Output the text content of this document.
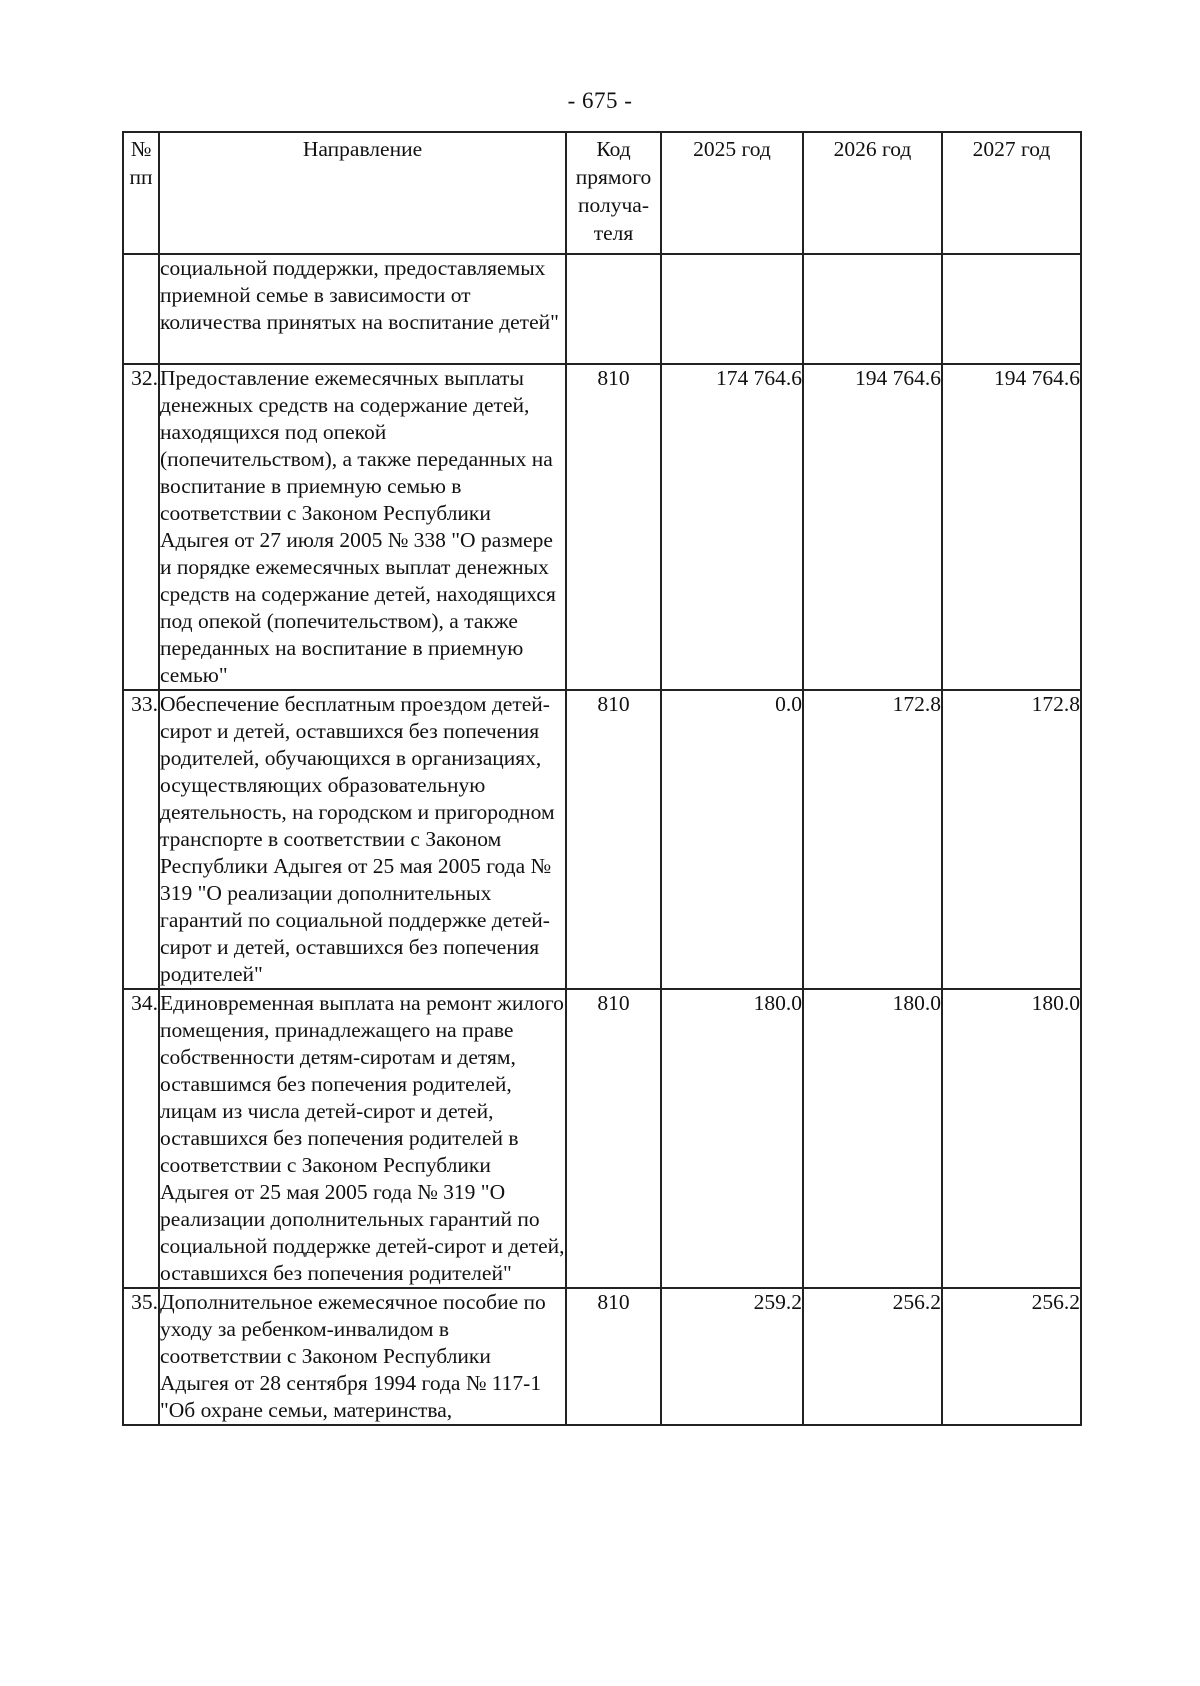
- 675 -
№ пп	Направление	Код прямого получа-теля	2025 год	2026 год	2027 год
	социальной поддержки, предоставляемых приемной семье в зависимости от количества принятых на воспитание детей"				
32.	Предоставление ежемесячных выплаты денежных средств на содержание детей, находящихся под опекой (попечительством), а также переданных на воспитание в приемную семью в соответствии с Законом Республики Адыгея от 27 июля 2005 № 338 "О размере и порядке ежемесячных выплат денежных средств на содержание детей, находящихся под опекой (попечительством), а также переданных на воспитание в приемную семью"	810	174 764.6	194 764.6	194 764.6
33.	Обеспечение бесплатным проездом детей-сирот и детей, оставшихся без попечения родителей, обучающихся в организациях, осуществляющих образовательную деятельность, на городском и пригородном транспорте в соответствии с Законом Республики Адыгея от 25 мая 2005 года № 319 "О реализации дополнительных гарантий по социальной поддержке детей-сирот и детей, оставшихся без попечения родителей"	810	0.0	172.8	172.8
34.	Единовременная выплата на ремонт жилого помещения, принадлежащего на праве собственности детям-сиротам и детям, оставшимся без попечения родителей, лицам из числа детей-сирот и детей, оставшихся без попечения родителей в соответствии с Законом Республики Адыгея от 25 мая 2005 года № 319 "О реализации дополнительных гарантий по социальной поддержке детей-сирот и детей, оставшихся без попечения родителей"	810	180.0	180.0	180.0
35.	Дополнительное ежемесячное пособие по уходу за ребенком-инвалидом в соответствии с Законом Республики Адыгея от 28 сентября 1994 года № 117-1 "Об охране семьи, материнства,	810	259.2	256.2	256.2
